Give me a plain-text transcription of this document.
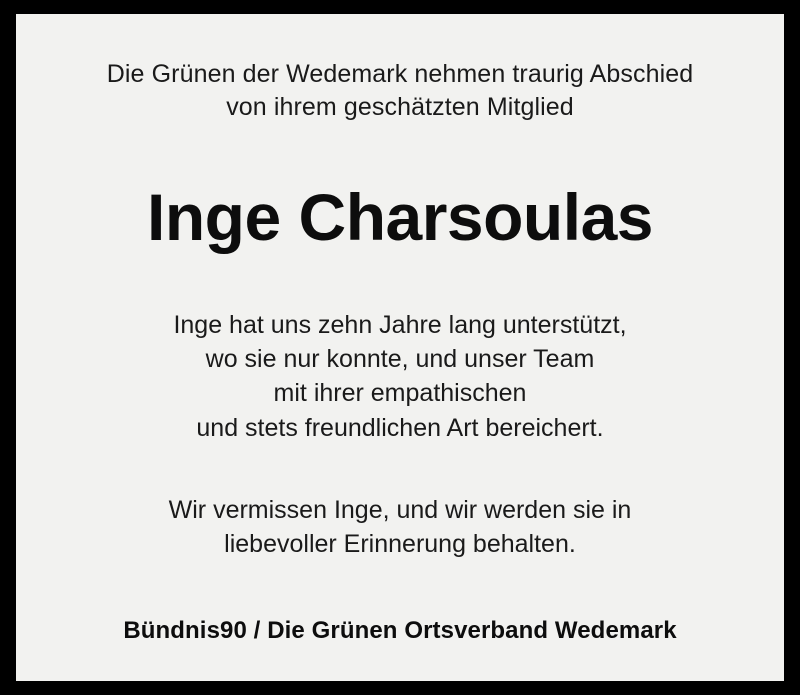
Die Grünen der Wedemark nehmen traurig Abschied
von ihrem geschätzten Mitglied
Inge Charsoulas
Inge hat uns zehn Jahre lang unterstützt,
wo sie nur konnte, und unser Team
mit ihrer empathischen
und stets freundlichen Art bereichert.
Wir vermissen Inge, und wir werden sie in
liebevoller Erinnerung behalten.
Bündnis90 / Die Grünen Ortsverband Wedemark
